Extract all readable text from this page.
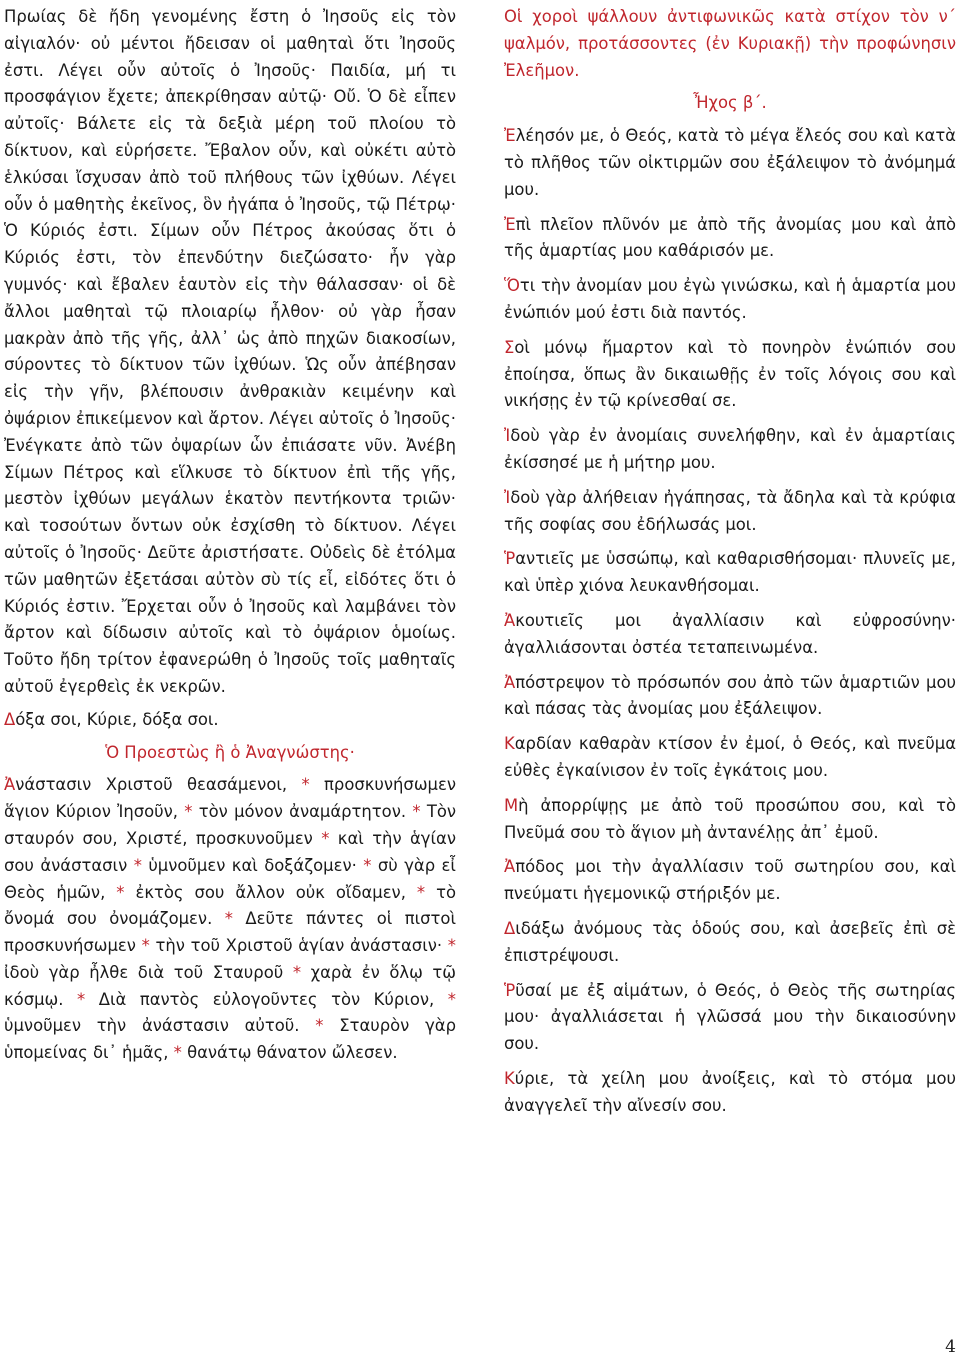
Πρωίας δὲ ἤδη γενομένης ἔστη ὁ Ἰησοῦς εἰς τὸν αἰγιαλόν· οὐ μέντοι ἤδεισαν οἱ μαθηταὶ ὅτι Ἰησοῦς ἐστι. Λέγει οὖν αὐτοῖς ὁ Ἰησοῦς· Παιδία, μή τι προσφάγιον ἔχετε; ἀπεκρίθησαν αὐτῷ· Οὔ. Ὁ δὲ εἶπεν αὐτοῖς· Βάλετε εἰς τὰ δεξιὰ μέρη τοῦ πλοίου τὸ δίκτυον, καὶ εὑρήσετε. Ἔβαλον οὖν, καὶ οὐκέτι αὐτὸ ἑλκύσαι ἴσχυσαν ἀπὸ τοῦ πλήθους τῶν ἰχθύων. Λέγει οὖν ὁ μαθητὴς ἐκεῖνος, ὃν ἠγάπα ὁ Ἰησοῦς, τῷ Πέτρῳ· Ὁ Κύριός ἐστι. Σίμων οὖν Πέτρος ἀκούσας ὅτι ὁ Κύριός ἐστι, τὸν ἐπενδύτην διεζώσατο· ἦν γὰρ γυμνός· καὶ ἔβαλεν ἑαυτὸν εἰς τὴν θάλασσαν· οἱ δὲ ἄλλοι μαθηταὶ τῷ πλοιαρίῳ ἦλθον· οὐ γὰρ ἦσαν μακρὰν ἀπὸ τῆς γῆς, ἀλλ᾿ ὡς ἀπὸ πηχῶν διακοσίων, σύροντες τὸ δίκτυον τῶν ἰχθύων. Ὡς οὖν ἀπέβησαν εἰς τὴν γῆν, βλέπουσιν ἀνθρακιὰν κειμένην καὶ ὀψάριον ἐπικείμενον καὶ ἄρτον. Λέγει αὐτοῖς ὁ Ἰησοῦς· Ἐνέγκατε ἀπὸ τῶν ὀψαρίων ὧν ἐπιάσατε νῦν. Ἀνέβη Σίμων Πέτρος καὶ εἵλκυσε τὸ δίκτυον ἐπὶ τῆς γῆς, μεστὸν ἰχθύων μεγάλων ἑκατὸν πεντήκοντα τριῶν· καὶ τοσούτων ὄντων οὐκ ἐσχίσθη τὸ δίκτυον. Λέγει αὐτοῖς ὁ Ἰησοῦς· Δεῦτε ἀριστήσατε. Οὐδεὶς δὲ ἐτόλμα τῶν μαθητῶν ἐξετάσαι αὐτὸν σὺ τίς εἶ, εἰδότες ὅτι ὁ Κύριός ἐστιν. Ἔρχεται οὖν ὁ Ἰησοῦς καὶ λαμβάνει τὸν ἄρτον καὶ δίδωσιν αὐτοῖς καὶ τὸ ὀψάριον ὁμοίως. Τοῦτο ἤδη τρίτον ἐφανερώθη ὁ Ἰησοῦς τοῖς μαθηταῖς αὐτοῦ ἐγερθεὶς ἐκ νεκρῶν.

Δόξα σοι, Κύριε, δόξα σοι.

Ὁ Προεστὼς ἢ ὁ Ἀναγνώστης·

Ἀνάστασιν Χριστοῦ θεασάμενοι, * προσκυνήσωμεν ἅγιον Κύριον Ἰησοῦν, * τὸν μόνον ἀναμάρτητον. * Τὸν σταυρόν σου, Χριστέ, προσκυνοῦμεν * καὶ τὴν ἁγίαν σου ἀνάστασιν * ὑμνοῦμεν καὶ δοξάζομεν· * σὺ γὰρ εἶ Θεὸς ἡμῶν, * ἐκτὸς σου ἄλλον οὐκ οἴδαμεν, * τὸ ὄνομά σου ὀνομάζομεν. * Δεῦτε πάντες οἱ πιστοὶ προσκυνήσωμεν * τὴν τοῦ Χριστοῦ ἁγίαν ἀνάστασιν· * ἰδοὺ γὰρ ἦλθε διὰ τοῦ Σταυροῦ * χαρὰ ἐν ὅλῳ τῷ κόσμῳ. * Διὰ παντὸς εὐλογοῦντες τὸν Κύριον, * ὑμνοῦμεν τὴν ἀνάστασιν αὐτοῦ. * Σταυρὸν γὰρ ὑπομείνας δι᾿ ἡμᾶς, * θανάτῳ θάνατον ὤλεσεν.

Οἱ χοροὶ ψάλλουν ἀντιφωνικῶς κατὰ στίχον τὸν ν´ ψαλμόν, προτάσσοντες (ἐν Κυριακῇ) τὴν προφώνησιν Ἐλεῆμον.

Ἦχος β´.

Ἐλέησόν με, ὁ Θεός, κατὰ τὸ μέγα ἔλεός σου καὶ κατὰ τὸ πλῆθος τῶν οἰκτιρμῶν σου ἐξάλειψον τὸ ἀνόμημά μου.

Ἐπὶ πλεῖον πλῦνόν με ἀπὸ τῆς ἀνομίας μου καὶ ἀπὸ τῆς ἁμαρτίας μου καθάρισόν με.

Ὅτι τὴν ἀνομίαν μου ἐγὼ γινώσκω, καὶ ἡ ἁμαρτία μου ἐνώπιόν μού ἐστι διὰ παντός.

Σοὶ μόνῳ ἥμαρτον καὶ τὸ πονηρὸν ἐνώπιόν σου ἐποίησα, ὅπως ἂν δικαιωθῇς ἐν τοῖς λόγοις σου καὶ νικήσῃς ἐν τῷ κρίνεσθαί σε.

Ἰδοὺ γὰρ ἐν ἀνομίαις συνελήφθην, καὶ ἐν ἁμαρτίαις ἐκίσσησέ με ἡ μήτηρ μου.

Ἰδοὺ γὰρ ἀλήθειαν ἠγάπησας, τὰ ἄδηλα καὶ τὰ κρύφια τῆς σοφίας σου ἐδήλωσάς μοι.

Ῥαντιεῖς με ὑσσώπῳ, καὶ καθαρισθήσομαι· πλυνεῖς με, καὶ ὑπὲρ χιόνα λευκανθήσομαι.

Ἀκουτιεῖς μοι ἀγαλλίασιν καὶ εὐφροσύνην· ἀγαλλιάσονται ὀστέα τεταπεινωμένα.

Ἀπόστρεψον τὸ πρόσωπόν σου ἀπὸ τῶν ἁμαρτιῶν μου καὶ πάσας τὰς ἀνομίας μου ἐξάλειψον.

Καρδίαν καθαρὰν κτίσον ἐν ἐμοί, ὁ Θεός, καὶ πνεῦμα εὐθὲς ἐγκαίνισον ἐν τοῖς ἐγκάτοις μου.

Μὴ ἀπορρίψῃς με ἀπὸ τοῦ προσώπου σου, καὶ τὸ Πνεῦμά σου τὸ ἅγιον μὴ ἀντανέλῃς ἀπ᾿ ἐμοῦ.

Ἀπόδος μοι τὴν ἀγαλλίασιν τοῦ σωτηρίου σου, καὶ πνεύματι ἡγεμονικῷ στήριξόν με.

Διδάξω ἀνόμους τὰς ὁδούς σου, καὶ ἀσεβεῖς ἐπὶ σὲ ἐπιστρέψουσι.

Ῥῦσαί με ἐξ αἱμάτων, ὁ Θεός, ὁ Θεὸς τῆς σωτηρίας μου· ἀγαλλιάσεται ἡ γλῶσσά μου τὴν δικαιοσύνην σου.

Κύριε, τὰ χείλη μου ἀνοίξεις, καὶ τὸ στόμα μου ἀναγγελεῖ τὴν αἴνεσίν σου.

4
